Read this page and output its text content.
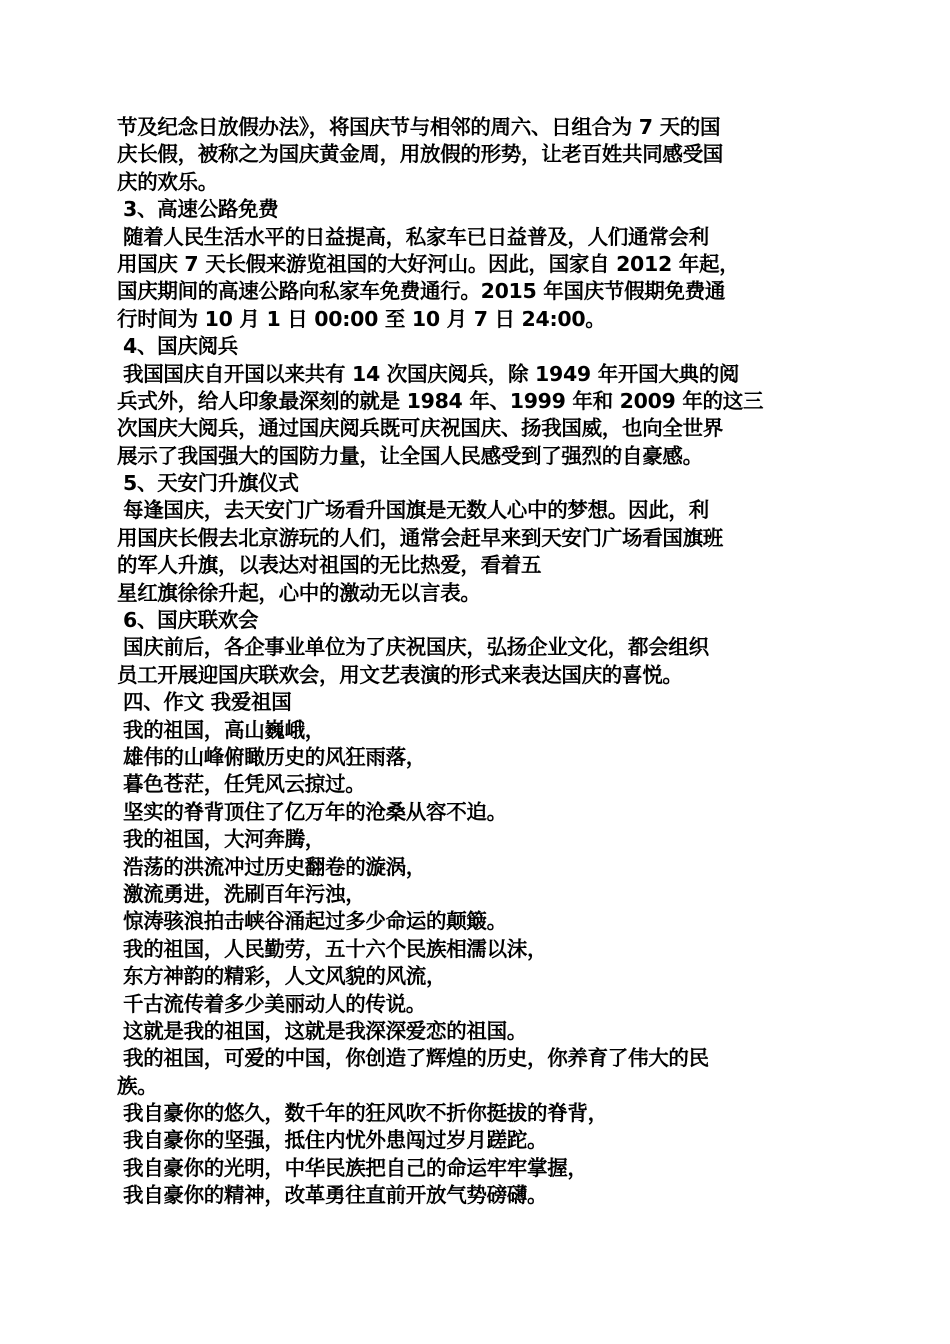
节及纪念日放假办法》，将国庆节与相邻的周六、日组合为 7 天的国
庆长假，被称之为国庆黄金周，用放假的形势，让老百姓共同感受国
庆的欢乐。
3、高速公路免费
随着人民生活水平的日益提高，私家车已日益普及，人们通常会利
用国庆 7 天长假来游览祖国的大好河山。因此，国家自 2012 年起，
国庆期间的高速公路向私家车免费通行。2015 年国庆节假期免费通
行时间为 10 月 1 日 00:00 至 10 月 7 日 24:00。
4、国庆阅兵
我国国庆自开国以来共有 14 次国庆阅兵，除 1949 年开国大典的阅
兵式外，给人印象最深刻的就是 1984 年、1999 年和 2009 年的这三
次国庆大阅兵，通过国庆阅兵既可庆祝国庆、扬我国威，也向全世界
展示了我国强大的国防力量，让全国人民感受到了强烈的自豪感。
5、天安门升旗仪式
每逢国庆，去天安门广场看升国旗是无数人心中的梦想。因此，利
用国庆长假去北京游玩的人们，通常会赶早来到天安门广场看国旗班
的军人升旗，以表达对祖国的无比热爱，看着五
星红旗徐徐升起，心中的激动无以言表。
6、国庆联欢会
国庆前后，各企事业单位为了庆祝国庆，弘扬企业文化，都会组织
员工开展迎国庆联欢会，用文艺表演的形式来表达国庆的喜悦。
四、作文 我爱祖国
我的祖国，高山巍峨，
雄伟的山峰俯瞰历史的风狂雨落，
暮色苍茫，任凭风云掠过。
坚实的脊背顶住了亿万年的沧桑从容不迫。
我的祖国，大河奔腾，
浩荡的洪流冲过历史翻卷的漩涡，
激流勇进，洗刷百年污浊，
惊涛骇浪拍击峡谷涌起过多少命运的颠簸。
我的祖国，人民勤劳，五十六个民族相濡以沫，
东方神韵的精彩，人文风貌的风流，
千古流传着多少美丽动人的传说。
这就是我的祖国，这就是我深深爱恋的祖国。
我的祖国，可爱的中国，你创造了辉煌的历史，你养育了伟大的民
族。
我自豪你的悠久，数千年的狂风吹不折你挺拔的脊背，
我自豪你的坚强，抵住内忧外患闯过岁月蹉跎。
我自豪你的光明，中华民族把自己的命运牢牢掌握，
我自豪你的精神，改革勇往直前开放气势磅礴。
